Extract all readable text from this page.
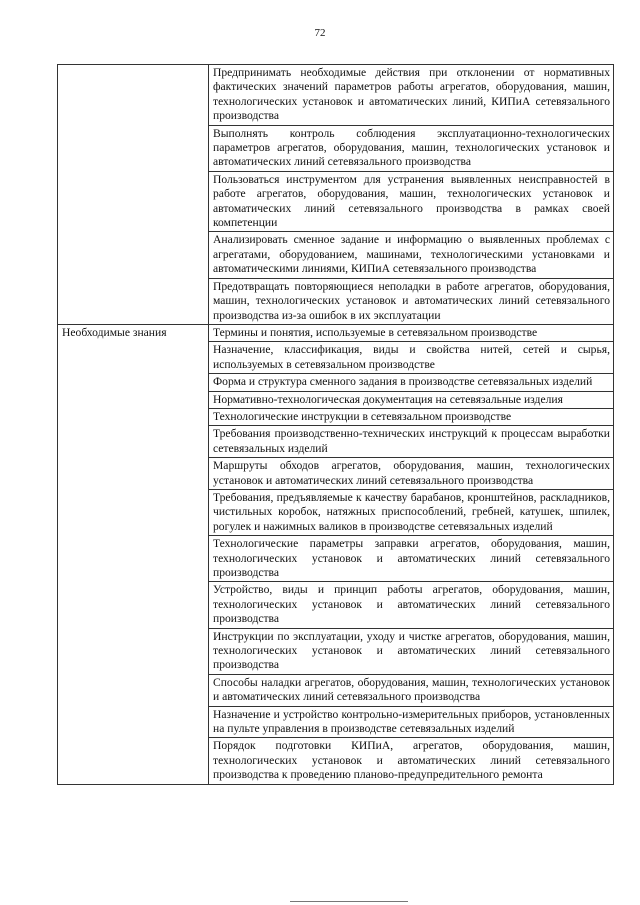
72
	Предпринимать необходимые действия при отклонении от нормативных фактических значений параметров работы агрегатов, оборудования, машин, технологических установок и автоматических линий, КИПиА сетевязального производства
	Выполнять контроль соблюдения эксплуатационно-технологических параметров агрегатов, оборудования, машин, технологических установок и автоматических линий сетевязального производства
	Пользоваться инструментом для устранения выявленных неисправностей в работе агрегатов, оборудования, машин, технологических установок и автоматических линий сетевязального производства в рамках своей компетенции
	Анализировать сменное задание и информацию о выявленных проблемах с агрегатами, оборудованием, машинами, технологическими установками и автоматическими линиями, КИПиА сетевязального производства
	Предотвращать повторяющиеся неполадки в работе агрегатов, оборудования, машин, технологических установок и автоматических линий сетевязального производства из-за ошибок в их эксплуатации
Необходимые знания	Термины и понятия, используемые в сетевязальном производстве
	Назначение, классификация, виды и свойства нитей, сетей и сырья, используемых в сетевязальном производстве
	Форма и структура сменного задания в производстве сетевязальных изделий
	Нормативно-технологическая документация на сетевязальные изделия
	Технологические инструкции в сетевязальном производстве
	Требования производственно-технических инструкций к процессам выработки сетевязальных изделий
	Маршруты обходов агрегатов, оборудования, машин, технологических установок и автоматических линий сетевязального производства
	Требования, предъявляемые к качеству барабанов, кронштейнов, раскладников, чистильных коробок, натяжных приспособлений, гребней, катушек, шпилек, рогулек и нажимных валиков в производстве сетевязальных изделий
	Технологические параметры заправки агрегатов, оборудования, машин, технологических установок и автоматических линий сетевязального производства
	Устройство, виды и принцип работы агрегатов, оборудования, машин, технологических установок и автоматических линий сетевязального производства
	Инструкции по эксплуатации, уходу и чистке агрегатов, оборудования, машин, технологических установок и автоматических линий сетевязального производства
	Способы наладки агрегатов, оборудования, машин, технологических установок и автоматических линий сетевязального производства
	Назначение и устройство контрольно-измерительных приборов, установленных на пульте управления в производстве сетевязальных изделий
	Порядок подготовки КИПиА, агрегатов, оборудования, машин, технологических установок и автоматических линий сетевязального производства к проведению планово-предупредительного ремонта
